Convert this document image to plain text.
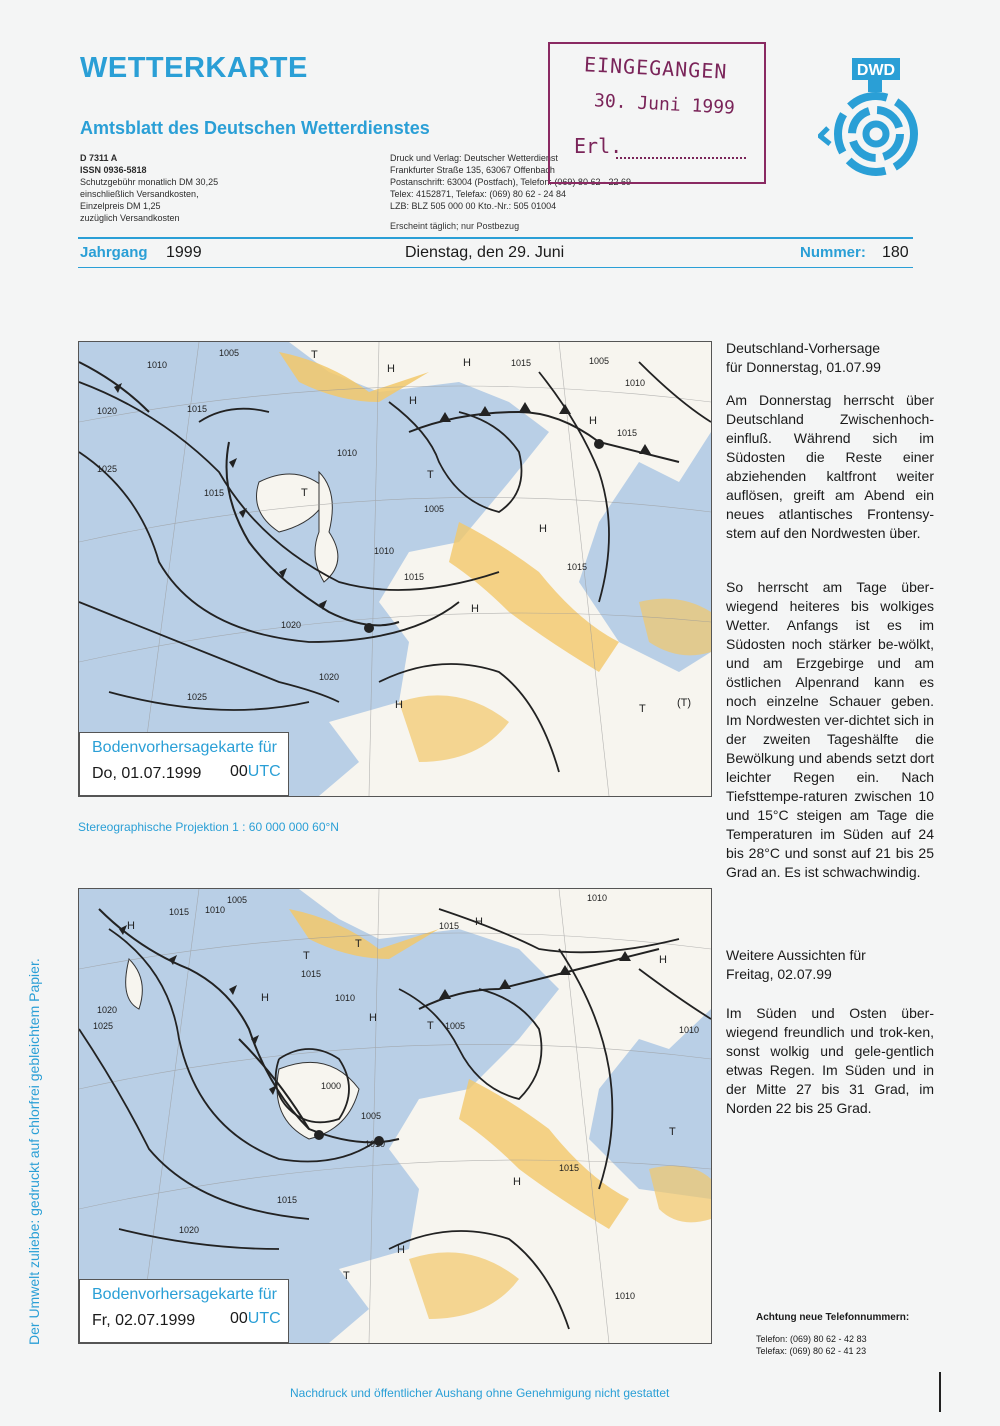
WETTERKARTE
Amtsblatt des Deutschen Wetterdienstes
D 7311 A
ISSN 0936-5818
Schutzgebühr monatlich DM 30,25
einschließlich Versandkosten,
Einzelpreis DM 1,25
zuzüglich Versandkosten
Druck und Verlag: Deutscher Wetterdienst
Frankfurter Straße 135, 63067 Offenbach
Postanschrift: 63004 (Postfach), Telefon: (069) 80 62 - 22 69
Telex: 4152871, Telefax: (069) 80 62 - 24 84
LZB: BLZ 505 000 00 Kto.-Nr.: 505 01004
Erscheint täglich; nur Postbezug
Jahrgang 1999	Dienstag, den 29. Juni	Nummer: 180
EINGEGANGEN
30. Juni 1999
Erl.
DWD
1010
1005
1020	1015
1025
1010
1015
1005
1010
1015
1020
1020
1025
1015
1010
1015
1005
1015
H	H
H
H
H
H
H
T
T
T
T	(T)
Bodenvorhersagekarte für
Do, 01.07.1999 00UTC
Stereographische Projektion 1 : 60 000 000 60°N
1015 1010
1005
1025
1020
1000
1005
1010
1015
1020
1015
1010
1015
1010
1005	1010
1015
1010
H
H
H
H
H
H
H
T
T
T
T
T
Bodenvorhersagekarte für
Fr, 02.07.1999 00UTC
Deutschland-Vorhersage
für Donnerstag, 01.07.99
Am Donnerstag herrscht über Deutschland Zwischenhoch-einfluß. Während sich im Südosten die Reste einer abziehenden kaltfront weiter auflösen, greift am Abend ein neues atlantisches Frontensy-stem auf den Nordwesten über.
So herrscht am Tage über-wiegend heiteres bis wolkiges Wetter. Anfangs ist es im Südosten noch stärker be-wölkt, und am Erzgebirge und am östlichen Alpenrand kann es noch einzelne Schauer geben. Im Nordwesten ver-dichtet sich in der zweiten Tageshälfte die Bewölkung und abends setzt dort leichter Regen ein. Nach Tiefsttempe-raturen zwischen 10 und 15°C steigen am Tage die Temperaturen im Süden auf 24 bis 28°C und sonst auf 21 bis 25 Grad an. Es ist schwachwindig.
Weitere Aussichten für
Freitag, 02.07.99
Im Süden und Osten über-wiegend freundlich und trok-ken, sonst wolkig und gele-gentlich etwas Regen. Im Süden und in der Mitte 27 bis 31 Grad, im Norden 22 bis 25 Grad.
Der Umwelt zuliebe: gedruckt auf chlorfrei gebleichtem Papier.	Achtung neue Telefonnummern:
Telefon: (069) 80 62 - 42 83
Telefax: (069) 80 62 - 41 23
Nachdruck und öffentlicher Aushang ohne Genehmigung nicht gestattet
